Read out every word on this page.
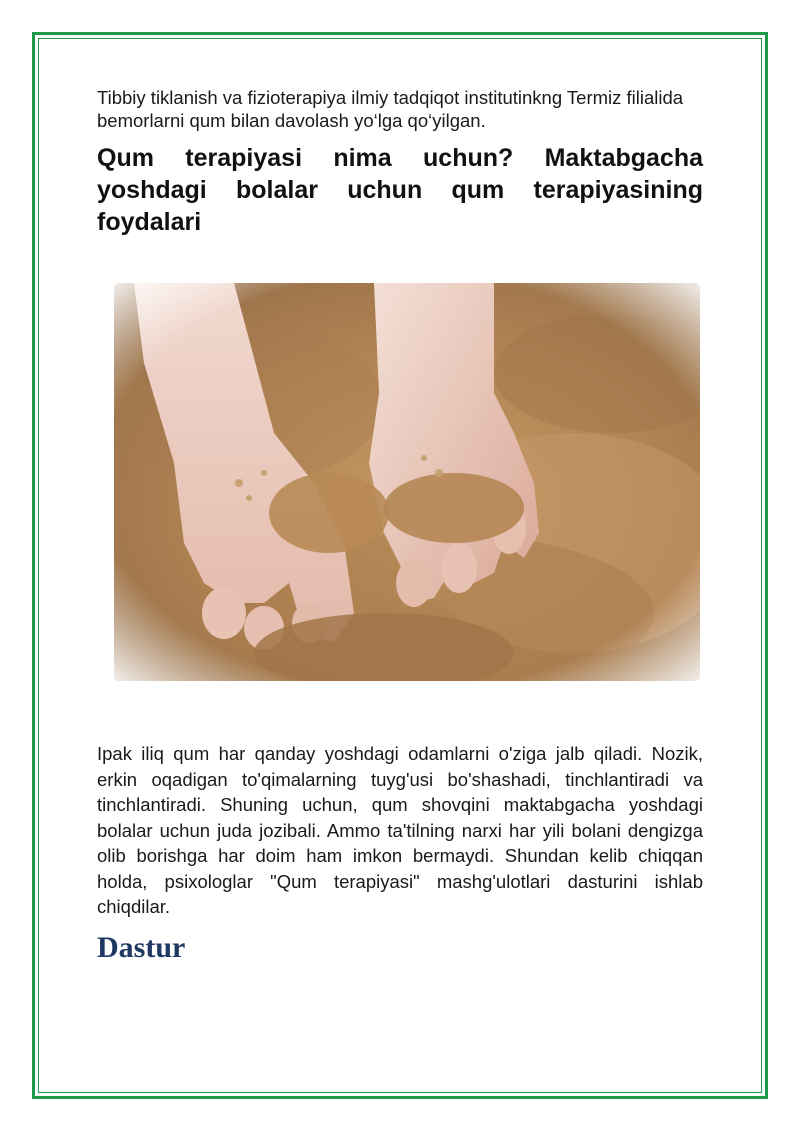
Tibbiy tiklanish va fizioterapiya ilmiy tadqiqot institutinkng Termiz filialida bemorlarni qum bilan davolash yo‘lga qo‘yilgan.

Qum terapiyasi nima uchun? Maktabgacha yoshdagi bolalar uchun qum terapiyasining foydalari

Ipak iliq qum har qanday yoshdagi odamlarni o'ziga jalb qiladi. Nozik, erkin oqadigan to'qimalarning tuyg'usi bo'shashadi, tinchlantiradi va tinchlantiradi. Shuning uchun, qum shovqini maktabgacha yoshdagi bolalar uchun juda jozibali. Ammo ta'tilning narxi har yili bolani dengizga olib borishga har doim ham imkon bermaydi. Shundan kelib chiqqan holda, psixologlar "Qum terapiyasi" mashg'ulotlari dasturini ishlab chiqdilar.

Dastur
